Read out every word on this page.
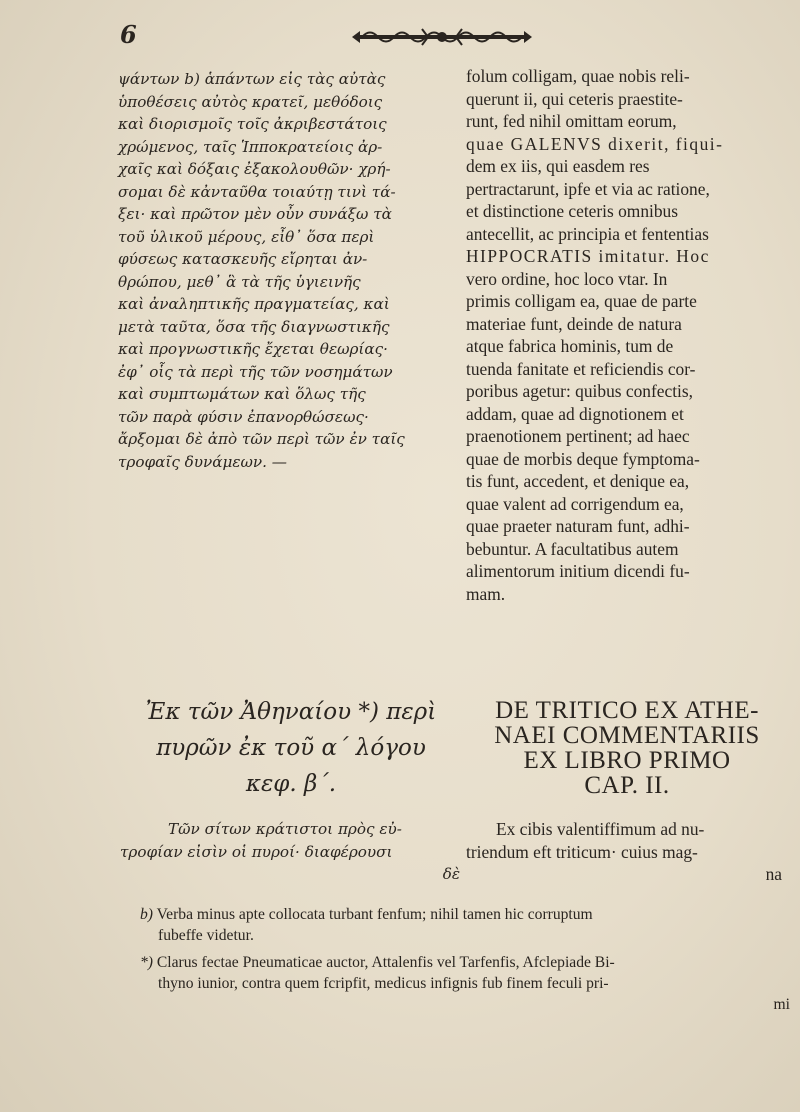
6
ψάντων b) ἁπάντων εἰς τὰς αὐτὰς
ὑποθέσεις αὐτὸς κρατεῖ, μεθόδοις
καὶ διορισμοῖς τοῖς ἀκριβεστάτοις
χρώμενος, ταῖς Ἱπποκρατείοις ἀρ-
χαῖς καὶ δόξαις ἐξακολουθῶν· χρή-
σομαι δὲ κἀνταῦθα τοιαύτῃ τινὶ τά-
ξει· καὶ πρῶτον μὲν οὖν συνάξω τὰ
τοῦ ὑλικοῦ μέρους, εἶθ᾽ ὅσα περὶ
φύσεως κατασκευῆς εἴρηται ἀν-
θρώπου, μεθ᾽ ἃ τὰ τῆς ὑγιεινῆς
καὶ ἀναληπτικῆς πραγματείας, καὶ
μετὰ ταῦτα, ὅσα τῆς διαγνωστικῆς
καὶ προγνωστικῆς ἔχεται θεωρίας·
ἐφ᾽ οἷς τὰ περὶ τῆς τῶν νοσημάτων
καὶ συμπτωμάτων καὶ ὅλως τῆς
τῶν παρὰ φύσιν ἐπανορθώσεως·
ἄρξομαι δὲ ἀπὸ τῶν περὶ τῶν ἐν ταῖς
τροφαῖς δυνάμεων. —
folum colligam, quae nobis reli-
querunt ii, qui ceteris praestite-
runt, fed nihil omittam eorum,
quae GALENVS dixerit, fiqui-
dem ex iis, qui easdem res
pertractarunt, ipfe et via ac ratione,
et distinctione ceteris omnibus
antecellit, ac principia et fententias
HIPPOCRATIS imitatur. Hoc
vero ordine, hoc loco vtar. In
primis colligam ea, quae de parte
materiae funt, deinde de natura
atque fabrica hominis, tum de
tuenda fanitate et reficiendis cor-
poribus agetur: quibus confectis,
addam, quae ad dignotionem et
praenotionem pertinent; ad haec
quae de morbis deque fymptoma-
tis funt, accedent, et denique ea,
quae valent ad corrigendum ea,
quae praeter naturam funt, adhi-
bebuntur. A facultatibus autem
alimentorum initium dicendi fu-
mam.
Ἐκ τῶν Ἀθηναίου *) περὶ
πυρῶν ἐκ τοῦ α΄ λόγου
κεφ. β΄.
DE TRITICO EX ATHE-
NAEI COMMENTARIIS
EX LIBRO PRIMO
CAP. II.
Τῶν σίτων κράτιστοι πρὸς εὐ-
τροφίαν εἰσὶν οἱ πυροί· διαφέρουσι
δὲ
Ex cibis valentiffimum ad nu-
triendum eft triticum· cuius mag-
na
b) Verba minus apte collocata turbant fenfum; nihil tamen hic corruptum
fubeffe videtur.
*) Clarus fectae Pneumaticae auctor, Attalenfis vel Tarfenfis, Afclepiade Bi-
thyno iunior, contra quem fcripfit, medicus infignis fub finem feculi pri-
mi
